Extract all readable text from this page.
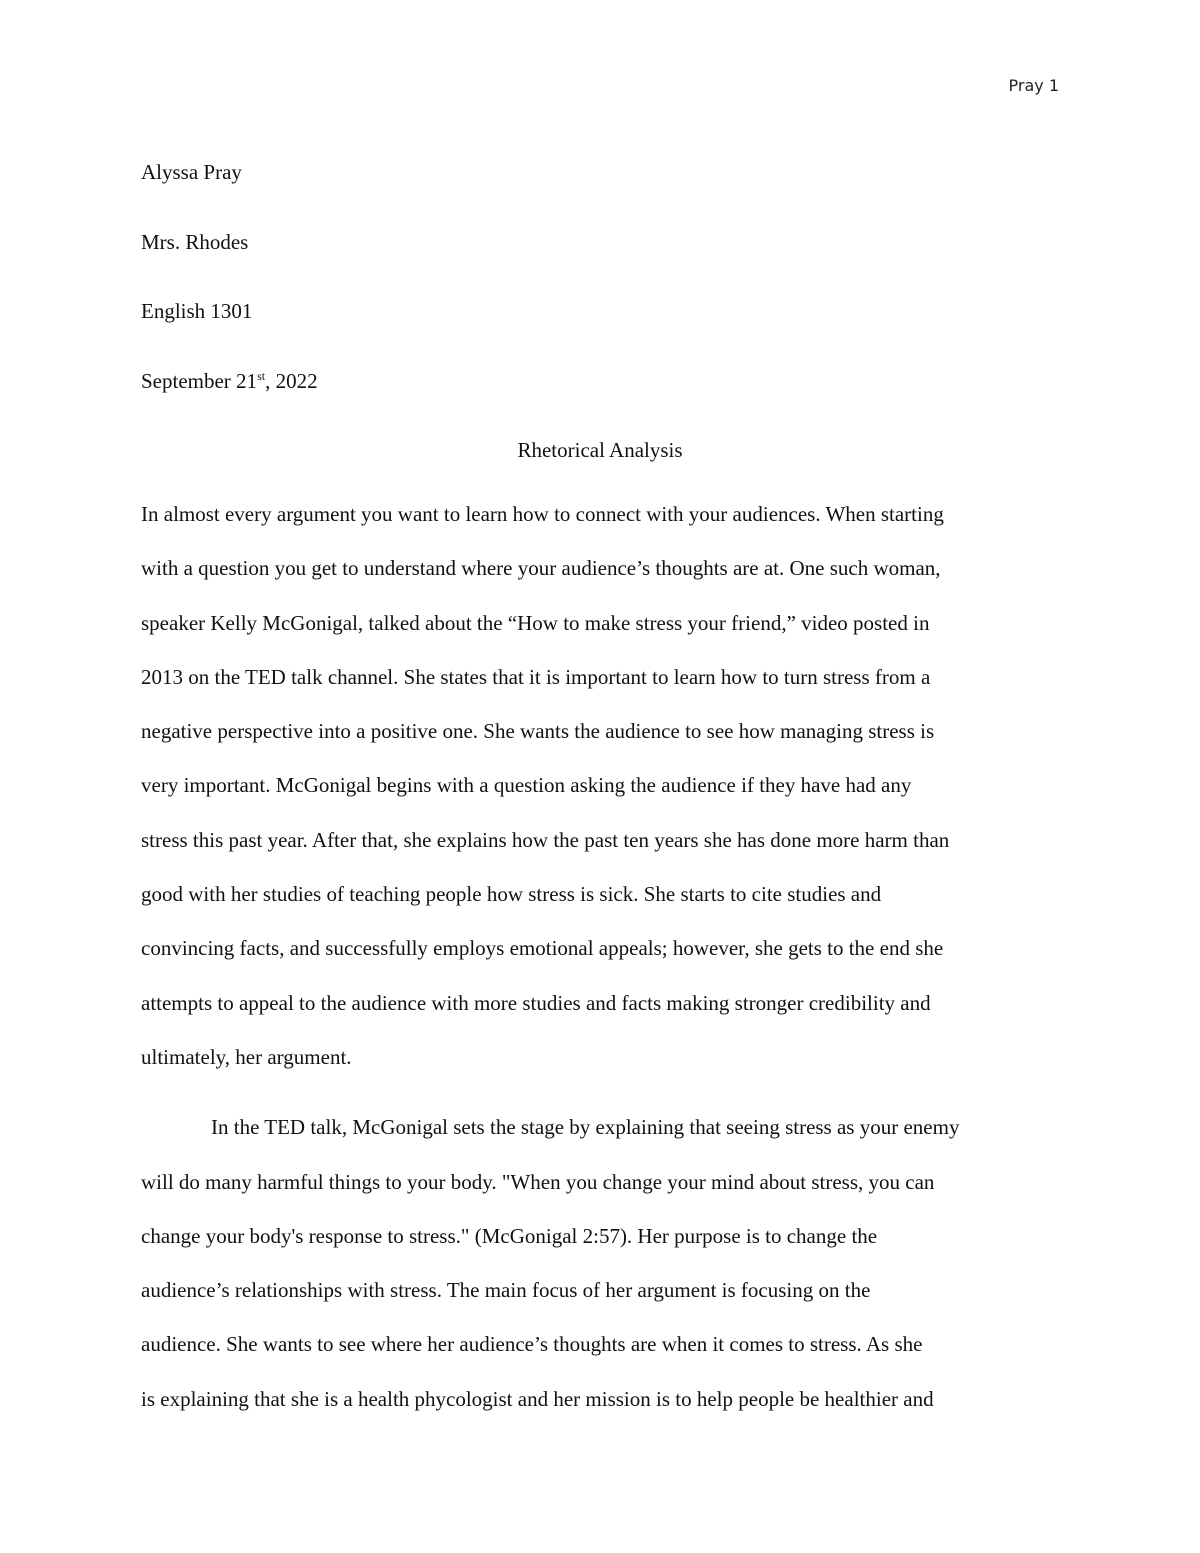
Pray 1
Alyssa Pray
Mrs. Rhodes
English 1301
September 21st, 2022
Rhetorical Analysis

In almost every argument you want to learn how to connect with your audiences. When starting
with a question you get to understand where your audience’s thoughts are at. One such woman,
speaker Kelly McGonigal, talked about the “How to make stress your friend,” video posted in
2013 on the TED talk channel. She states that it is important to learn how to turn stress from a
negative perspective into a positive one. She wants the audience to see how managing stress is
very important. McGonigal begins with a question asking the audience if they have had any
stress this past year. After that, she explains how the past ten years she has done more harm than
good with her studies of teaching people how stress is sick. She starts to cite studies and
convincing facts, and successfully employs emotional appeals; however, she gets to the end she
attempts to appeal to the audience with more studies and facts making stronger credibility and
ultimately, her argument.

In the TED talk, McGonigal sets the stage by explaining that seeing stress as your enemy
will do many harmful things to your body. "When you change your mind about stress, you can
change your body's response to stress." (McGonigal 2:57). Her purpose is to change the
audience’s relationships with stress. The main focus of her argument is focusing on the
audience. She wants to see where her audience’s thoughts are when it comes to stress. As she
is explaining that she is a health phycologist and her mission is to help people be healthier and
